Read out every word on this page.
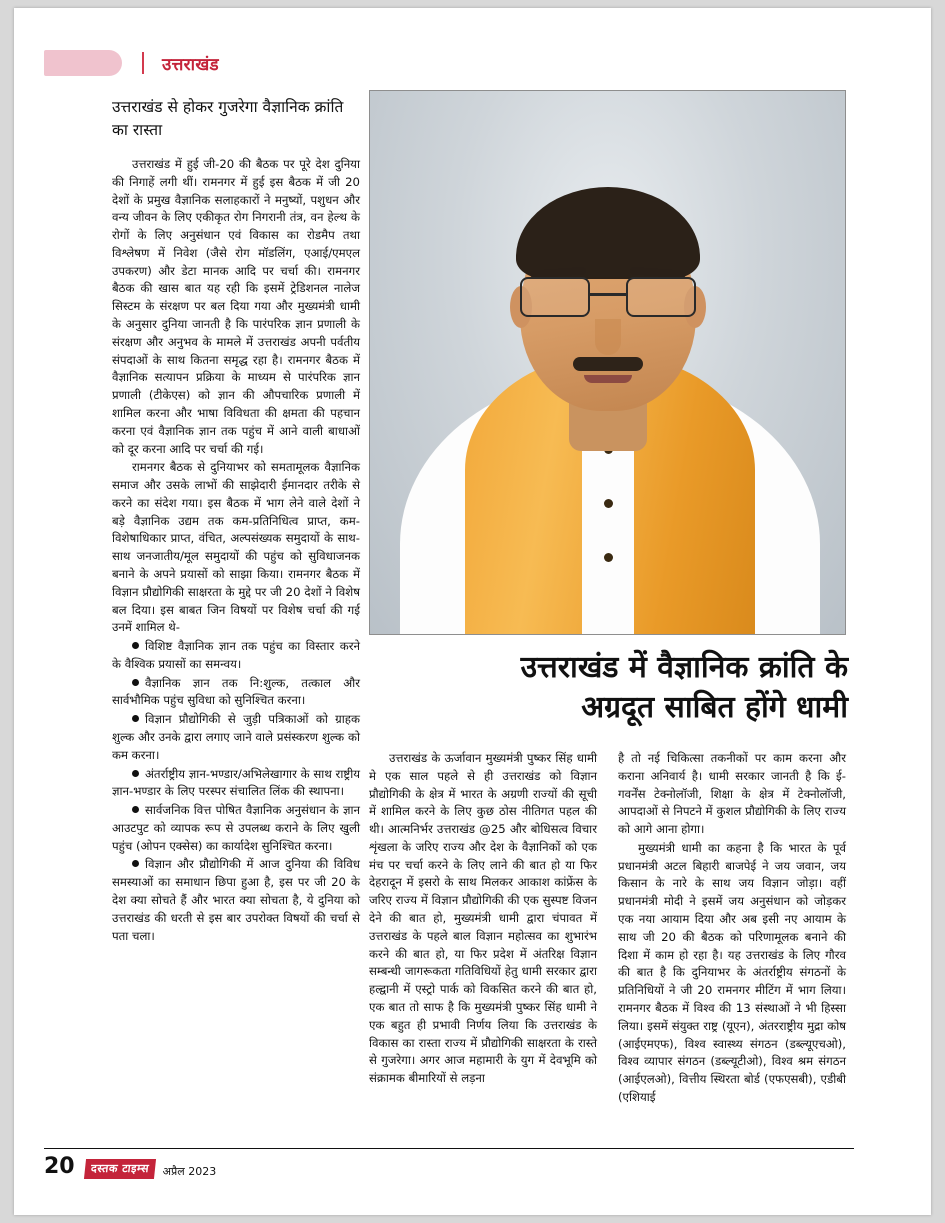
उत्तराखंड
उत्तराखंड से होकर गुजरेगा वैज्ञानिक क्रांति का रास्ता

उत्तराखंड में हुई जी-20 की बैठक पर पूरे देश दुनिया की निगाहें लगी थीं। रामनगर में हुई इस बैठक में जी 20 देशों के प्रमुख वैज्ञानिक सलाहकारों ने मनुष्यों, पशुधन और वन्य जीवन के लिए एकीकृत रोग निगरानी तंत्र, वन हेल्थ के रोगों के लिए अनुसंधान एवं विकास का रोडमैप तथा विश्लेषण में निवेश (जैसे रोग मॉडलिंग, एआई/एमएल उपकरण) और डेटा मानक आदि पर चर्चा की। रामनगर बैठक की खास बात यह रही कि इसमें ट्रेडिशनल नालेज सिस्टम के संरक्षण पर बल दिया गया और मुख्यमंत्री धामी के अनुसार दुनिया जानती है कि पारंपरिक ज्ञान प्रणाली के संरक्षण और अनुभव के मामले में उत्तराखंड अपनी पर्वतीय संपदाओं के साथ कितना समृद्ध रहा है। रामनगर बैठक में वैज्ञानिक सत्यापन प्रक्रिया के माध्यम से पारंपरिक ज्ञान प्रणाली (टीकेएस) को ज्ञान की औपचारिक प्रणाली में शामिल करना और भाषा विविधता की क्षमता की पहचान करना एवं वैज्ञानिक ज्ञान तक पहुंच में आने वाली बाधाओं को दूर करना आदि पर चर्चा की गई।

रामनगर बैठक से दुनियाभर को समतामूलक वैज्ञानिक समाज और उसके लाभों की साझेदारी ईमानदार तरीके से करने का संदेश गया। इस बैठक में भाग लेने वाले देशों ने बड़े वैज्ञानिक उद्यम तक कम-प्रतिनिधित्व प्राप्त, कम-विशेषाधिकार प्राप्त, वंचित, अल्पसंख्यक समुदायों के साथ-साथ जनजातीय/मूल समुदायों की पहुंच को सुविधाजनक बनाने के अपने प्रयासों को साझा किया। रामनगर बैठक में विज्ञान प्रौद्योगिकी साक्षरता के मुद्दे पर जी 20 देशों ने विशेष बल दिया। इस बाबत जिन विषयों पर विशेष चर्चा की गई उनमें शामिल थे-

विशिष्ट वैज्ञानिक ज्ञान तक पहुंच का विस्तार करने के वैश्विक प्रयासों का समन्वय।

वैज्ञानिक ज्ञान तक नि:शुल्क, तत्काल और सार्वभौमिक पहुंच सुविधा को सुनिश्चित करना।

विज्ञान प्रौद्योगिकी से जुड़ी पत्रिकाओं को ग्राहक शुल्क और उनके द्वारा लगाए जाने वाले प्रसंस्करण शुल्क को कम करना।

अंतर्राष्ट्रीय ज्ञान-भण्डार/अभिलेखागार के साथ राष्ट्रीय ज्ञान-भण्डार के लिए परस्पर संचालित लिंक की स्थापना।

सार्वजनिक वित्त पोषित वैज्ञानिक अनुसंधान के ज्ञान आउटपुट को व्यापक रूप से उपलब्ध कराने के लिए खुली पहुंच (ओपन एक्सेस) का कार्यादेश सुनिश्चित करना।

विज्ञान और प्रौद्योगिकी में आज दुनिया की विविध समस्याओं का समाधान छिपा हुआ है, इस पर जी 20 के देश क्या सोचते हैं और भारत क्या सोचता है, ये दुनिया को उत्तराखंड की धरती से इस बार उपरोक्त विषयों की चर्चा से पता चला।

उत्तराखंड में वैज्ञानिक क्रांति के
अग्रदूत साबित होंगे धामी

उत्तराखंड के ऊर्जावान मुख्यमंत्री पुष्कर सिंह धामी मे एक साल पहले से ही उत्तराखंड को विज्ञान प्रौद्योगिकी के क्षेत्र में भारत के अग्रणी राज्यों की सूची में शामिल करने के लिए कुछ ठोस नीतिगत पहल की थी। आत्मनिर्भर उत्तराखंड @25 और बोधिसत्व विचार शृंखला के जरिए राज्य और देश के वैज्ञानिकों को एक मंच पर चर्चा करने के लिए लाने की बात हो या फिर देहरादून में इसरो के साथ मिलकर आकाश कांफ्रेंस के जरिए राज्य में विज्ञान प्रौद्योगिकी की एक सुस्पष्ट विजन देने की बात हो, मुख्यमंत्री धामी द्वारा चंपावत में उत्तराखंड के पहले बाल विज्ञान महोत्सव का शुभारंभ करने की बात हो, या फिर प्रदेश में अंतरिक्ष विज्ञान सम्बन्धी जागरूकता गतिविधियों हेतु धामी सरकार द्वारा हल्द्वानी में एस्ट्रो पार्क को विकसित करने की बात हो, एक बात तो साफ है कि मुख्यमंत्री पुष्कर सिंह धामी ने एक बहुत ही प्रभावी निर्णय लिया कि उत्तराखंड के विकास का रास्ता राज्य में प्रौद्योगिकी साक्षरता के रास्ते से गुजरेगा। अगर आज महामारी के युग में देवभूमि को संक्रामक बीमारियों से लड़ना

है तो नई चिकित्सा तकनीकों पर काम करना और कराना अनिवार्य है। धामी सरकार जानती है कि ई-गवर्नेंस टेक्नोलॉजी, शिक्षा के क्षेत्र में टेक्नोलॉजी, आपदाओं से निपटने में कुशल प्रौद्योगिकी के लिए राज्य को आगे आना होगा।

मुख्यमंत्री धामी का कहना है कि भारत के पूर्व प्रधानमंत्री अटल बिहारी बाजपेई ने जय जवान, जय किसान के नारे के साथ जय विज्ञान जोड़ा। वहीं प्रधानमंत्री मोदी ने इसमें जय अनुसंधान को जोड़कर एक नया आयाम दिया और अब इसी नए आयाम के साथ जी 20 की बैठक को परिणामूलक बनाने की दिशा में काम हो रहा है। यह उत्तराखंड के लिए गौरव की बात है कि दुनियाभर के अंतर्राष्ट्रीय संगठनों के प्रतिनिधियों ने जी 20 रामनगर मीटिंग में भाग लिया। रामनगर बैठक में विश्व की 13 संस्थाओं ने भी हिस्सा लिया। इसमें संयुक्त राष्ट्र (यूएन), अंतरराष्ट्रीय मुद्रा कोष (आईएमएफ), विश्व स्वास्थ्य संगठन (डब्ल्यूएचओ), विश्व व्यापार संगठन (डब्ल्यूटीओ), विश्व श्रम संगठन (आईएलओ), वित्तीय स्थिरता बोर्ड (एफएसबी), एडीबी (एशियाई

20	दस्तक टाइम्स	अप्रैल 2023
